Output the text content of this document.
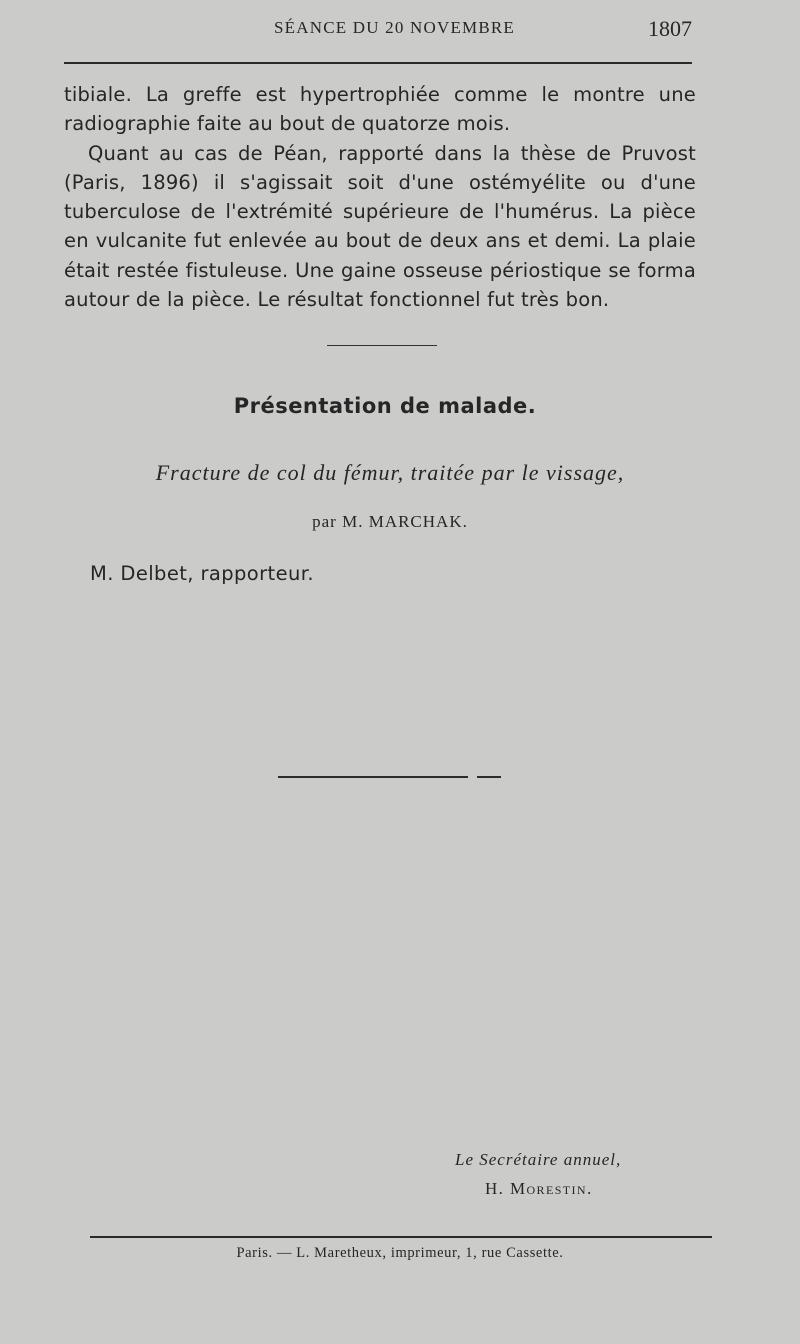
SÉANCE DU 20 NOVEMBRE	1807

tibiale. La greffe est hypertrophiée comme le montre une radiographie faite au bout de quatorze mois.

Quant au cas de Péan, rapporté dans la thèse de Pruvost (Paris, 1896) il s'agissait soit d'une ostémyélite ou d'une tuberculose de l'extrémité supérieure de l'humérus. La pièce en vulcanite fut enlevée au bout de deux ans et demi. La plaie était restée fistuleuse. Une gaine osseuse périostique se forma autour de la pièce. Le résultat fonctionnel fut très bon.

Présentation de malade.
Fracture de col du fémur, traitée par le vissage,
par M. MARCHAK.
M. Delbet, rapporteur.
Le Secrétaire annuel,
H. Morestin.
Paris. — L. Maretheux, imprimeur, 1, rue Cassette.
